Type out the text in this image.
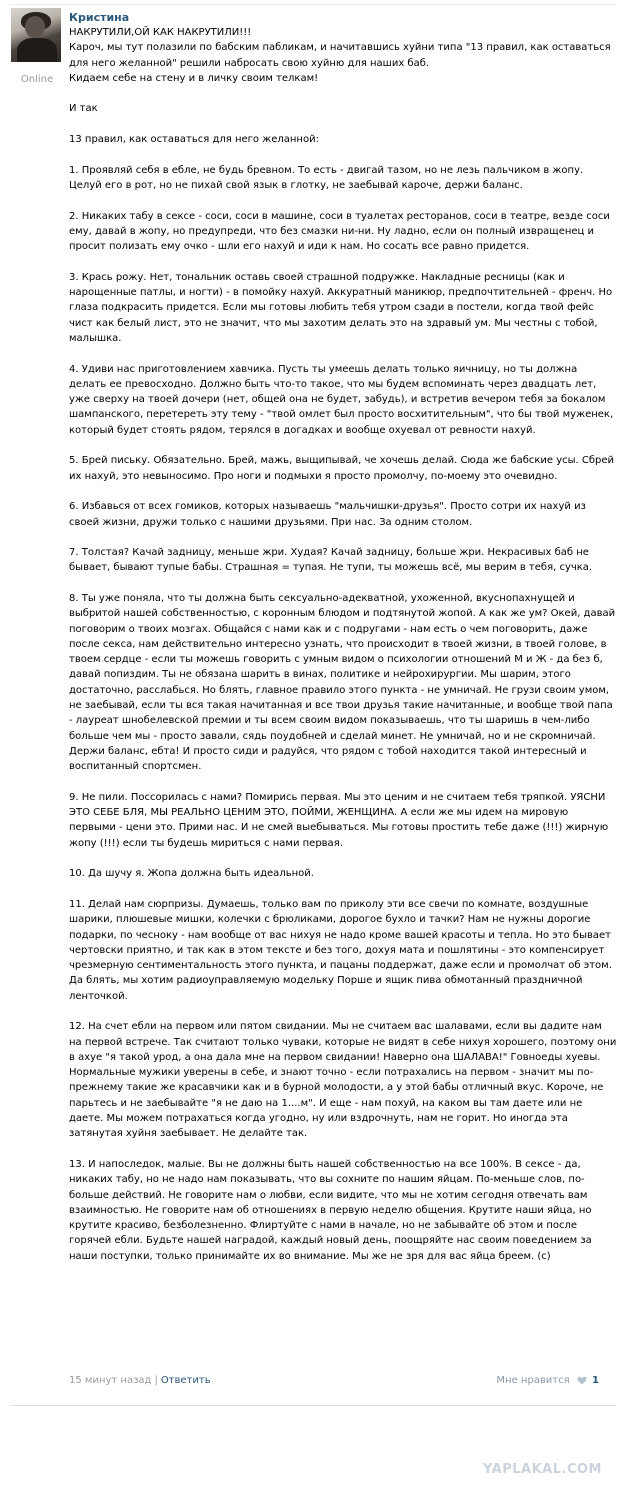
Online
Кристина
НАКРУТИЛИ,ОЙ КАК НАКРУТИЛИ!!!
Кароч, мы тут полазили по бабским пабликам, и начитавшись хуйни типа "13 правил, как оставаться для него желанной" решили набросать свою хуйню для наших баб.
Кидаем себе на стену и в личку своим телкам!
И так
13 правил, как оставаться для него желанной:
1. Проявляй себя в ебле, не будь бревном. То есть - двигай тазом, но не лезь пальчиком в жопу. Целуй его в рот, но не пихай свой язык в глотку, не заебывай кароче, держи баланс.
2. Никаких табу в сексе - соси, соси в машине, соси в туалетах ресторанов, соси в театре, везде соси ему, давай в жопу, но предупреди, что без смазки ни-ни. Ну ладно, если он полный извращенец и просит полизать ему очко - шли его нахуй и иди к нам. Но сосать все равно придется.
3. Крась рожу. Нет, тональник оставь своей страшной подружке. Накладные ресницы (как и нарощенные патлы, и ногти) - в помойку нахуй. Аккуратный маникюр, предпочтительней - френч. Но глаза подкрасить придется. Если мы готовы любить тебя утром сзади в постели, когда твой фейс чист как белый лист, это не значит, что мы захотим делать это на здравый ум. Мы честны с тобой, малышка.
4. Удиви нас приготовлением хавчика. Пусть ты умеешь делать только яичницу, но ты должна делать ее превосходно. Должно быть что-то такое, что мы будем вспоминать через двадцать лет, уже сверху на твоей дочери (нет, общей она не будет, забудь), и встретив вечером тебя за бокалом шампанского, перетереть эту тему - "твой омлет был просто восхитительным", что бы твой муженек, который будет стоять рядом, терялся в догадках и вообще охуевал от ревности нахуй.
5. Брей письку. Обязательно. Брей, мажь, выщипывай, че хочешь делай. Сюда же бабские усы. Сбрей их нахуй, это невыносимо. Про ноги и подмыхи я просто промолчу, по-моему это очевидно.
6. Избавься от всех гомиков, которых называешь "мальчишки-друзья". Просто сотри их нахуй из своей жизни, дружи только с нашими друзьями. При нас. За одним столом.
7. Толстая? Качай задницу, меньше жри. Худая? Качай задницу, больше жри. Некрасивых баб не бывает, бывают тупые бабы. Страшная = тупая. Не тупи, ты можешь всё, мы верим в тебя, сучка.
8. Ты уже поняла, что ты должна быть сексуально-адекватной, ухоженной, вкуснопахнущей и выбритой нашей собственностью, с коронным блюдом и подтянутой жопой. А как же ум? Окей, давай поговорим о твоих мозгах. Общайся с нами как и с подругами - нам есть о чем поговорить, даже после секса, нам действительно интересно узнать, что происходит в твоей жизни, в твоей голове, в твоем сердце - если ты можешь говорить с умным видом о психологии отношений М и Ж - да без б, давай попиздим. Ты не обязана шарить в винах, политике и нейрохирургии. Мы шарим, этого достаточно, расслабься. Но блять, главное правило этого пункта - не умничай. Не грузи своим умом, не заебывай, если ты вся такая начитанная и все твои друзья такие начитанные, и вообще твой папа - лауреат шнобелевской премии и ты всем своим видом показываешь, что ты шаришь в чем-либо больше чем мы - просто завали, сядь поудобней и сделай минет. Не умничай, но и не скромничай. Держи баланс, ебта! И просто сиди и радуйся, что рядом с тобой находится такой интересный и воспитанный спортсмен.
9. Не пили. Поссорилась с нами? Помирись первая. Мы это ценим и не считаем тебя тряпкой. УЯСНИ ЭТО СЕБЕ БЛЯ, МЫ РЕАЛЬНО ЦЕНИМ ЭТО, ПОЙМИ, ЖЕНЩИНА. А если же мы идем на мировую первыми - цени это. Прими нас. И не смей выебываться. Мы готовы простить тебе даже (!!!) жирную жопу (!!!) если ты будешь мириться с нами первая.
10. Да шучу я. Жопа должна быть идеальной.
11. Делай нам сюрпризы. Думаешь, только вам по приколу эти все свечи по комнате, воздушные шарики, плюшевые мишки, колечки с брюликами, дорогое бухло и тачки? Нам не нужны дорогие подарки, по чесноку - нам вообще от вас нихуя не надо кроме вашей красоты и тепла. Но это бывает чертовски приятно, и так как в этом тексте и без того, дохуя мата и пошлятины - это компенсирует чрезмерную сентиментальность этого пункта, и пацаны поддержат, даже если и промолчат об этом. Да блять, мы хотим радиоуправляемую модельку Порше и ящик пива обмотанный праздничной ленточкой.
12. На счет ебли на первом или пятом свидании. Мы не считаем вас шалавами, если вы дадите нам на первой встрече. Так считают только чуваки, которые не видят в себе нихуя хорошего, поэтому они в ахуе "я такой урод, а она дала мне на первом свидании! Наверно она ШАЛАВА!" Говноеды хуевы. Нормальные мужики уверены в себе, и знают точно - если потрахались на первом - значит мы по-прежнему такие же красавчики как и в бурной молодости, а у этой бабы отличный вкус. Короче, не парьтесь и не заебывайте "я не даю на 1....м". И еще - нам похуй, на каком вы там даете или не даете. Мы можем потрахаться когда угодно, ну или вздрочнуть, нам не горит. Но иногда эта затянутая хуйня заебывает. Не делайте так.
13. И напоследок, малые. Вы не должны быть нашей собственностью на все 100%. В сексе - да, никаких табу, но не надо нам показывать, что вы сохните по нашим яйцам. По-меньше слов, по-больше действий. Не говорите нам о любви, если видите, что мы не хотим сегодня отвечать вам взаимностью. Не говорите нам об отношениях в первую неделю общения. Крутите наши яйца, но крутите красиво, безболезненно. Флиртуйте с нами в начале, но не забывайте об этом и после горячей ебли. Будьте нашей наградой, каждый новый день, поощряйте нас своим поведением за наши поступки, только принимайте их во внимание. Мы же не зря для вас яйца бреем. (с)
15 минут назад | Ответить	Мне нравится 1
YAPLAKAL.COM
